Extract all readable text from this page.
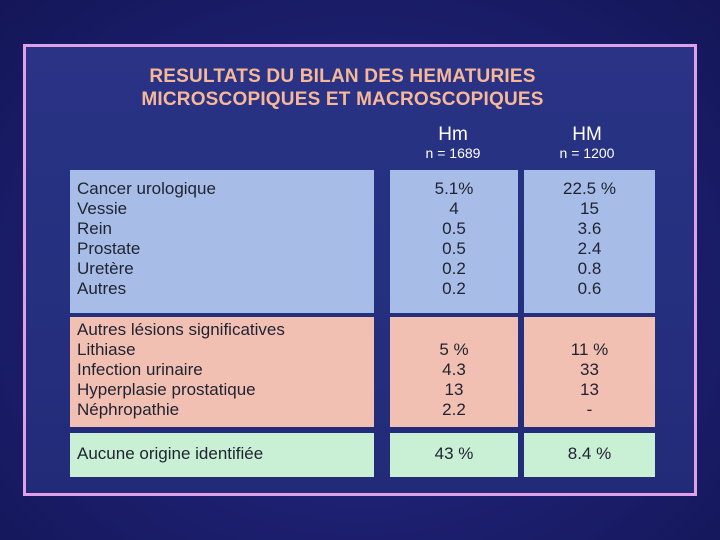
RESULTATS DU BILAN DES HEMATURIES
MICROSCOPIQUES ET MACROSCOPIQUES
Hm
n = 1689
HM
n = 1200
Cancer urologique
Vessie
Rein
Prostate
Uretère
Autres
5.1%
4
0.5
0.5
0.2
0.2
22.5 %
15
3.6
2.4
0.8
0.6
Autres lésions significatives
Lithiase
Infection urinaire
Hyperplasie prostatique
Néphropathie
5 %
4.3
13
2.2
11 %
33
13
-
Aucune origine identifiée	43 %	8.4 %
